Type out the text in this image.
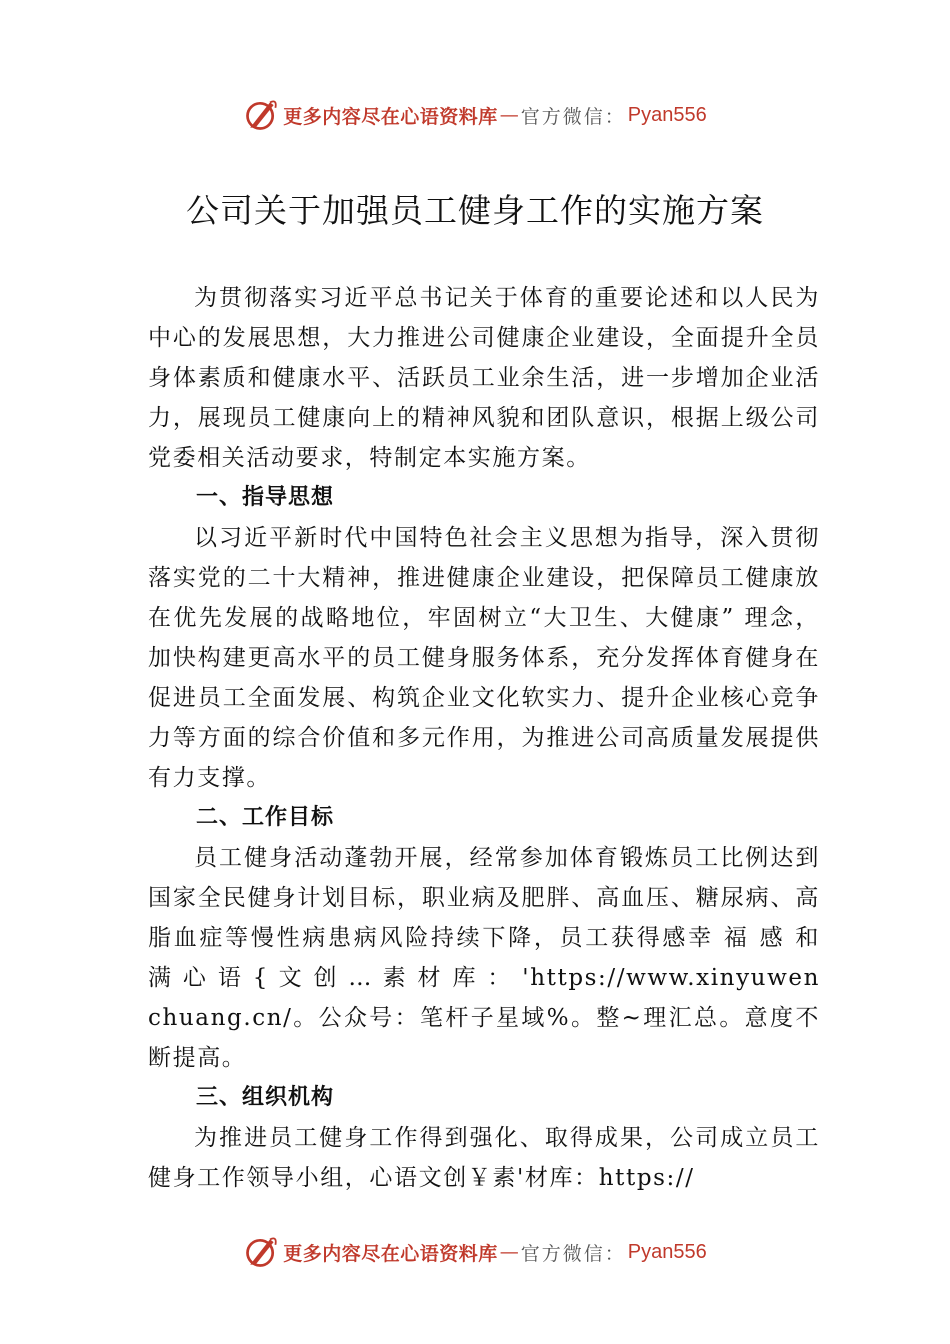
更多内容尽在心语资料库 — 官方微信： Pyan556
公司关于加强员工健身工作的实施方案

为贯彻落实习近平总书记关于体育的重要论述和以人民为中心的发展思想，大力推进公司健康企业建设，全面提升全员身体素质和健康水平、活跃员工业余生活，进一步增加企业活力，展现员工健康向上的精神风貌和团队意识，根据上级公司党委相关活动要求，特制定本实施方案。

一、指导思想

以习近平新时代中国特色社会主义思想为指导，深入贯彻落实党的二十大精神，推进健康企业建设，把保障员工健康放在优先发展的战略地位，牢固树立“大卫生、大健康” 理念，加快构建更高水平的员工健身服务体系，充分发挥体育健身在促进员工全面发展、构筑企业文化软实力、提升企业核心竞争力等方面的综合价值和多元作用，为推进公司高质量发展提供有力支撑。

二、工作目标

员工健身活动蓬勃开展，经常参加体育锻炼员工比例达到国家全民健身计划目标，职业病及肥胖、高血压、糖尿病、高脂血症等慢性病患病风险持续下降，员工获得感幸 福 感 和 满 心 语 { 文 创 … 素 材 库 ： 'https://www.xinyuwenchuang.cn/。公众号：笔杆子星域%。整~理汇总。意度不断提高。

三、组织机构

为推进员工健身工作得到强化、取得成果，公司成立员工健身工作领导小组，心语文创￥素'材库：https://

更多内容尽在心语资料库 — 官方微信： Pyan556
